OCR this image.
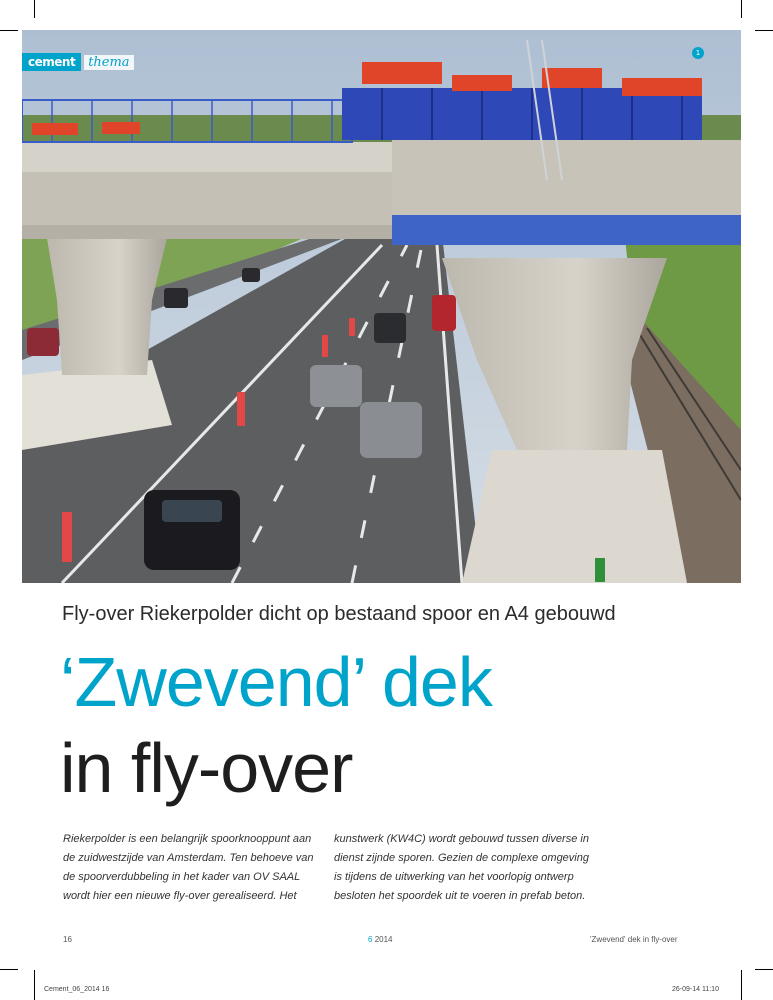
cement	thema
1
Fly-over Riekerpolder dicht op bestaand spoor en A4 gebouwd
‘Zwevend’ dek
in fly-over
Riekerpolder is een belangrijk spoorknooppunt aan de zuidwestzijde van Amsterdam. Ten behoeve van de spoorverdubbeling in het kader van OV SAAL wordt hier een nieuwe fly-over gerealiseerd. Het
kunstwerk (KW4C) wordt gebouwd tussen diverse in dienst zijnde sporen. Gezien de complexe omgeving is tijdens de uitwerking van het voorlopig ontwerp besloten het spoordek uit te voeren in prefab beton.
16	6 2014	'Zwevend' dek in fly-over
Cement_06_2014 16	26-09-14 11:10
